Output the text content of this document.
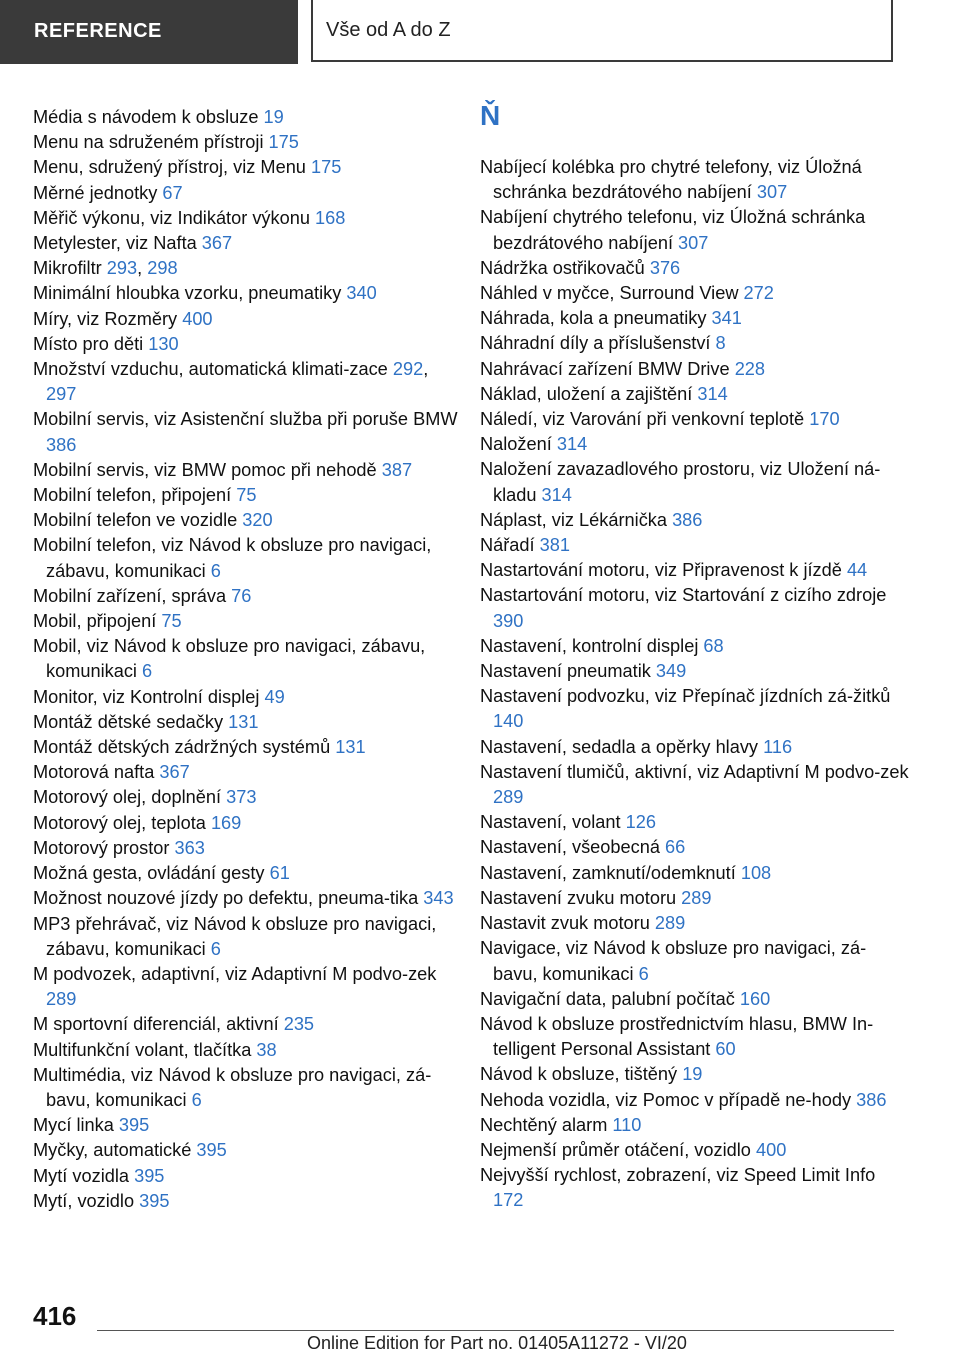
REFERENCE	Vše od A do Z
Média s návodem k obsluze 19
Menu na sdruženém přístroji 175
Menu, sdružený přístroj, viz Menu 175
Měrné jednotky 67
Měřič výkonu, viz Indikátor výkonu 168
Metylester, viz Nafta 367
Mikrofiltr 293, 298
Minimální hloubka vzorku, pneumatiky 340
Míry, viz Rozměry 400
Místo pro děti 130
Množství vzduchu, automatická klimati‐zace 292, 297
Mobilní servis, viz Asistenční služba při poruše BMW 386
Mobilní servis, viz BMW pomoc při nehodě 387
Mobilní telefon, připojení 75
Mobilní telefon ve vozidle 320
Mobilní telefon, viz Návod k obsluze pro navigaci, zábavu, komunikaci 6
Mobilní zařízení, správa 76
Mobil, připojení 75
Mobil, viz Návod k obsluze pro navigaci, zábavu, komunikaci 6
Monitor, viz Kontrolní displej 49
Montáž dětské sedačky 131
Montáž dětských zádržných systémů 131
Motorová nafta 367
Motorový olej, doplnění 373
Motorový olej, teplota 169
Motorový prostor 363
Možná gesta, ovládání gesty 61
Možnost nouzové jízdy po defektu, pneuma‐tika 343
MP3 přehrávač, viz Návod k obsluze pro navigaci, zábavu, komunikaci 6
M podvozek, adaptivní, viz Adaptivní M podvo‐zek 289
M sportovní diferenciál, aktivní 235
Multifunkční volant, tlačítka 38
Multimédia, viz Návod k obsluze pro navigaci, zá‐bavu, komunikaci 6
Mycí linka 395
Myčky, automatické 395
Mytí vozidla 395
Mytí, vozidlo 395
Ň
Nabíjecí kolébka pro chytré telefony, viz Úložná schránka bezdrátového nabíjení 307
Nabíjení chytrého telefonu, viz Úložná schránka bezdrátového nabíjení 307
Nádržka ostřikovačů 376
Náhled v myčce, Surround View 272
Náhrada, kola a pneumatiky 341
Náhradní díly a příslušenství 8
Nahrávací zařízení BMW Drive 228
Náklad, uložení a zajištění 314
Náledí, viz Varování při venkovní teplotě 170
Naložení 314
Naložení zavazadlového prostoru, viz Uložení ná‐kladu 314
Náplast, viz Lékárnička 386
Nářadí 381
Nastartování motoru, viz Připravenost k jízdě 44
Nastartování motoru, viz Startování z cizího zdroje 390
Nastavení, kontrolní displej 68
Nastavení pneumatik 349
Nastavení podvozku, viz Přepínač jízdních zá‐žitků 140
Nastavení, sedadla a opěrky hlavy 116
Nastavení tlumičů, aktivní, viz Adaptivní M podvo‐zek 289
Nastavení, volant 126
Nastavení, všeobecná 66
Nastavení, zamknutí/odemknutí 108
Nastavení zvuku motoru 289
Nastavit zvuk motoru 289
Navigace, viz Návod k obsluze pro navigaci, zá‐bavu, komunikaci 6
Navigační data, palubní počítač 160
Návod k obsluze prostřednictvím hlasu, BMW In‐telligent Personal Assistant 60
Návod k obsluze, tištěný 19
Nehoda vozidla, viz Pomoc v případě ne‐hody 386
Nechtěný alarm 110
Nejmenší průměr otáčení, vozidlo 400
Nejvyšší rychlost, zobrazení, viz Speed Limit Info 172
416
Online Edition for Part no. 01405A11272 - VI/20
